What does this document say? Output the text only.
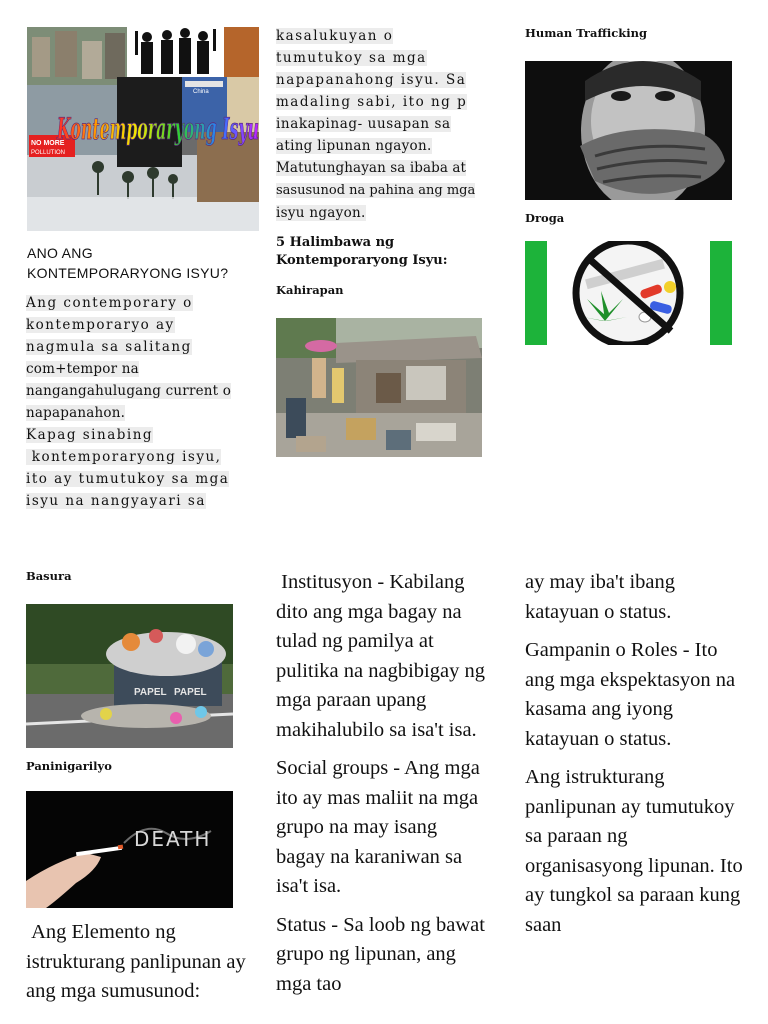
NO MORE
POLLUTION
China
Kontemporaryong Isyu
ANO ANG
KONTEMPORARYONG ISYU?
Ang contemporary o
kontemporaryo ay
nagmula sa salitang
com+tempor na
nangangahulugang current o
napapanahon.
Kapag sinabing
kontemporaryong isyu,
ito ay tumutukoy sa mga
isyu na nangyayari sa
kasalukuyan o
tumutukoy sa mga
napapanahong isyu. Sa
madaling sabi, ito ng p
inakapinag- uusapan sa
ating lipunan ngayon.
Matutunghayan sa ibaba at
sasusunod na pahina ang mga
isyu ngayon.
5 Halimbawa ng
Kontemporaryong Isyu:
Kahirapan
Human Trafficking
Droga
Basura
PAPEL PAPEL
Paninigarilyo
DEATH

Ang Elemento ng istrukturang panlipunan ay ang mga sumusunod:

Institusyon - Kabilang dito ang mga bagay na tulad ng pamilya at pulitika na nagbibigay ng mga paraan upang makihalubilo sa isa't isa.

Social groups - Ang mga ito ay mas maliit na mga grupo na may isang bagay na karaniwan sa isa't isa.

Status - Sa loob ng bawat grupo ng lipunan, ang mga tao

ay may iba't ibang katayuan o status.

Gampanin o Roles - Ito ang mga ekspektasyon na kasama ang iyong katayuan o status.

Ang istrukturang panlipunan ay tumutukoy sa paraan ng organisasyong lipunan. Ito ay tungkol sa paraan kung saan
